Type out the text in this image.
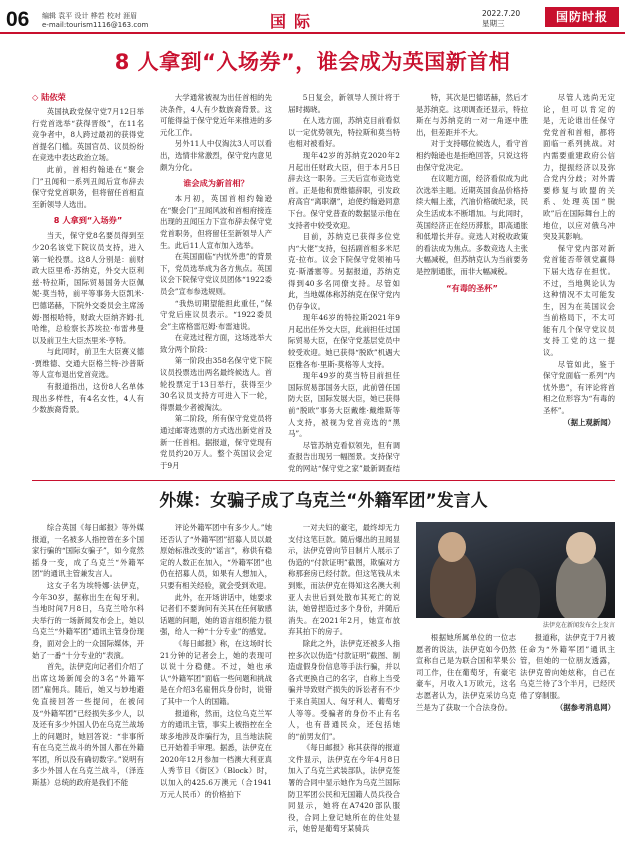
06 编辑 袁平 设计 桦若 校对 涯眉
e-mail:tourism1116@163.com	国际	2022.7.20
星期三	国防时报
8 人拿到“入场券”，谁会成为英国新首相
◇ 陆依荣

英国执政党保守党7月12日举行党首选举“获得晋级”，在11名竞争者中，8人跨过最初的获得党首提名门槛。英国官员、议员纷纷在竞选中表达政治立场。

此前，首相约翰逊在“聚会门”丑闻和一系列丑闻后宣布辞去保守党党首职务，但将留任首相直至新领导人选出。

8 人拿到“入场券”

当天，保守党8名要员得到至少20名该党下院议员支持，进入第一轮投票。这8人分别是：前财政大臣里希·苏纳克，外交大臣利兹·特拉斯，国际贸易国务大臣佩妮·莫当特，前平等事务大臣凯米·巴德诺赫，下院外交委员会主席汤姆·图根哈特，财政大臣纳齐姆·扎哈维，总检察长苏埃拉·布雷弗曼以及前卫生大臣杰里米·亨特。

与此同时，前卫生大臣赛义德·贾维德、交通大臣格兰特·沙普斯等人宣布退出党首竞选。

有报道指出，这份8人名单体现出多样性，有4名女性，4人有少数族裔背景。

大学通常被视为出任首相的先决条件，4人有少数族裔背景。这可能得益于保守党近年来推进的多元化工作。

另外11人中仅淘汰3人可以看出，选情非常激烈，保守党内意见颇为分化。

谁会成为新首相？

本月初，英国首相约翰逊在“聚会门”丑闻风波和首相府接连出现的丑闻压力下宣布辞去保守党党首职务，但将留任至新领导人产生。此后11人宣布加入选举。

在英国面临“内忧外患”的背景下，党员选举成为各方焦点。英国议会下院保守党议员团体“1922委员会”宣布参选规则。

“我热切期望能担此重任，”保守党后座议员表示。“1922委员会”主席格雷厄姆·布雷迪说。

在竞选过程方面，这场选举大致分两个阶段：

第一阶段由358名保守党下院议员投票选出两名最终候选人。首轮投票定于13日举行，获得至少30名议员支持方可进入下一轮，得票最少者被淘汰。

第二阶段，所有保守党党员将通过邮寄选票的方式选出新党首及新一任首相。据报道，保守党现有党员约20万人。整个英国议会定于9月

5日复会，新领导人预计将于届时揭晓。

在人选方面，苏纳克目前看似以一定优势领先，特拉斯和莫当特也相对被看好。

现年42岁的苏纳克2020年2月起出任财政大臣，但于本月5日辞去这一职务。三天后宣布竞选党首。正是他和贾维德辞职，引发政府高官“离职潮”，迫使约翰逊同意下台。保守党普查的数据显示他在支持者中较受欢迎。

目前，苏纳克已获得多位党内“大佬”支持，包括副首相多米尼克·拉布。议会下院保守党领袖马克·斯潘塞等。另据报道，苏纳克得到40多名同僚支持。尽管如此，当地媒体称苏纳克在保守党内仍存争议。

现年46岁的特拉斯2021年9月起出任外交大臣，此前担任过国际贸易大臣，在保守党基层党员中较受欢迎。她已获得“脱欧”机遇大臣雅各布·里斯-莫格等人支持。

现年49岁的莫当特目前担任国际贸易部国务大臣，此前曾任国防大臣，国际发展大臣，她已获得前“脱欧”事务大臣戴维·戴维斯等人支持，被视为党首竞选的“黑马”。

尽管苏纳克看似领先，但有调查报告出现另一幅图景。支持保守党的网站“保守党之家”最新调查结

特，其次是巴德诺赫，然后才是苏纳克。这项调查还显示，特拉斯在与苏纳克的一对一角逐中胜出，但差距并不大。

对于支持哪位候选人，看守首相约翰逊也是拒绝回答，只说这将由保守党决定。

在议题方面，经济看似成为此次选举主题。近期英国食品价格持续大幅上涨，汽油价格破纪录，民众生活成本不断增加。与此同时，英国经济正在经历滞胀，即高通胀和低增长并存。竞选人对税收政策的看法成为焦点。多数竞选人主张大幅减税，但苏纳克认为当前要务是控制通胀，而非大幅减税。

“有毒的圣杯”

尽管人选尚无定论，但可以肯定的是，无论谁出任保守党党首和首相，都将面临一系列挑战。对内需要重建政府公信力，提振经济以及弥合党内分歧；对外需要修复与欧盟的关系、处理英国“脱欧”后在国际舞台上的地位，以应对俄乌冲突及其影响。

保守党内部对新党首能否带领党赢得下届大选存在担忧。不过，当地舆论认为这种情况不太可能发生，因为在英国议会当前格局下，不太可能有几个保守党议员支持工党的这一提议。

尽管如此，鉴于保守党面临一系列“内忧外患”，有评论将首相之位形容为“有毒的圣杯”。

（据上观新闻）

外媒：女骗子成了乌克兰“外籍军团”发言人

综合英国《每日邮报》等外媒报道，一名被多人指控曾在多个国家行骗的“国际女骗子”，如今竟然摇身一变，成了乌克兰“外籍军团”的通讯主管兼发言人。

这女子名为埃特娜·法伊克，今年30岁，据称出生在匈牙利。当地时间7月8日，乌克兰哈尔科夫举行的一场新闻发布会上，她以乌克兰“外籍军团”通讯主管身份现身，面对会上的一众国际媒体，开始了一番“十分专业的”表演。

首先，法伊克向记者们介绍了出席这场新闻会的3名“外籍军团”雇佣兵。随后，她又与妙地避免直接回答一些提问，在被问及“外籍军团”已经损失多少人，以及还有多少外国人仍在乌克兰战场上的问题时，她回答说：“非事所有在乌克兰战斗的外国人都在外籍军团，所以没有确切数字。”说明有多少外国人在乌克兰战斗，（泽连斯基）总统的政府是我们不能

评论外籍军团中有多少人。”她还否认了“外籍军团”招募人员以最原始标准改变的“谣言”，称供有稳定的人数正在加入，“外籍军团”也仍在招募人员，如果有人想加入，只要有相关经验，就会受到欢迎。

此外，在开场讲话中，她要求记者们不要询问有关其在任何敏感话题的问题，她的语言组织能力很强，给人一种“十分专业”的感觉。

《每日邮报》称，在这场时长21分钟的记者会上，她的表现可以说十分稳健。不过，她也承认“外籍军团”面临一些问题和挑战是在介绍3名雇佣兵身份时，说错了其中一个人的国籍。

报道称，然而，这位乌克兰军方的通讯主管，事实上被指控在全球多地涉及诈骗行为，且当地法院已开始着手审理。据悉，法伊克在2020年12月参加一档澳大利亚真人秀节目《街区》（Block）时，以加入的425.6万澳元（合1941万元人民币）的价格拍下

一对夫妇的豪宅，最终却无力支付这笔巨款。随后爆出的丑闻显示，法伊克曾向节目制片人展示了伪造的“付款证明”截图，欺骗对方称那套房已经付款。但这笔钱从未到账，而法伊克在得知这名澳大利亚人去世后到处散布其死亡的说法，她曾捏造过多个身份，并随后消失。在2021年2月，她宣布放弃其拍下的房子。

除此之外，法伊克还被多人指控多次以伪造“付款证明”截图、制造虚假身份信息等手法行骗，并以各式更换自己的名字，自称上当受骗并导致财产损失的诉讼者有不少于来自英国人、匈牙利人、葡萄牙人等等。受骗者的身份不止有名人，也有普通民众，还包括她的“前男友们”。

《每日邮报》称其获得的报道文件显示，法伊克在今年4月8日加入了乌克兰武装部队，法伊克签署的合同中显示她作为乌克兰国际防卫军团公民和无国籍人员兵役合同显示，她将在A7420部队服役，合同上登记她所在的住处显示，她曾是葡萄牙某骑兵

法伊克在新闻发布会上发言

根据她所属单位的一位志愿者的说法，法伊克如今仍然宣称自己是为联合国和苹果公司工作，住在葡萄牙，有豪宅豪车，月收入1万欧元，这名志愿者认为，法伊克采访乌克兰是为了获取一个合法身份。

报道称，法伊克于7月被任命为“外籍军团”通讯主管，但她的一位朋友透露，法伊克曾向她炫称，自己在乌克兰待了3个半月，已经厌倦了穿制服。

（据参考消息网）
